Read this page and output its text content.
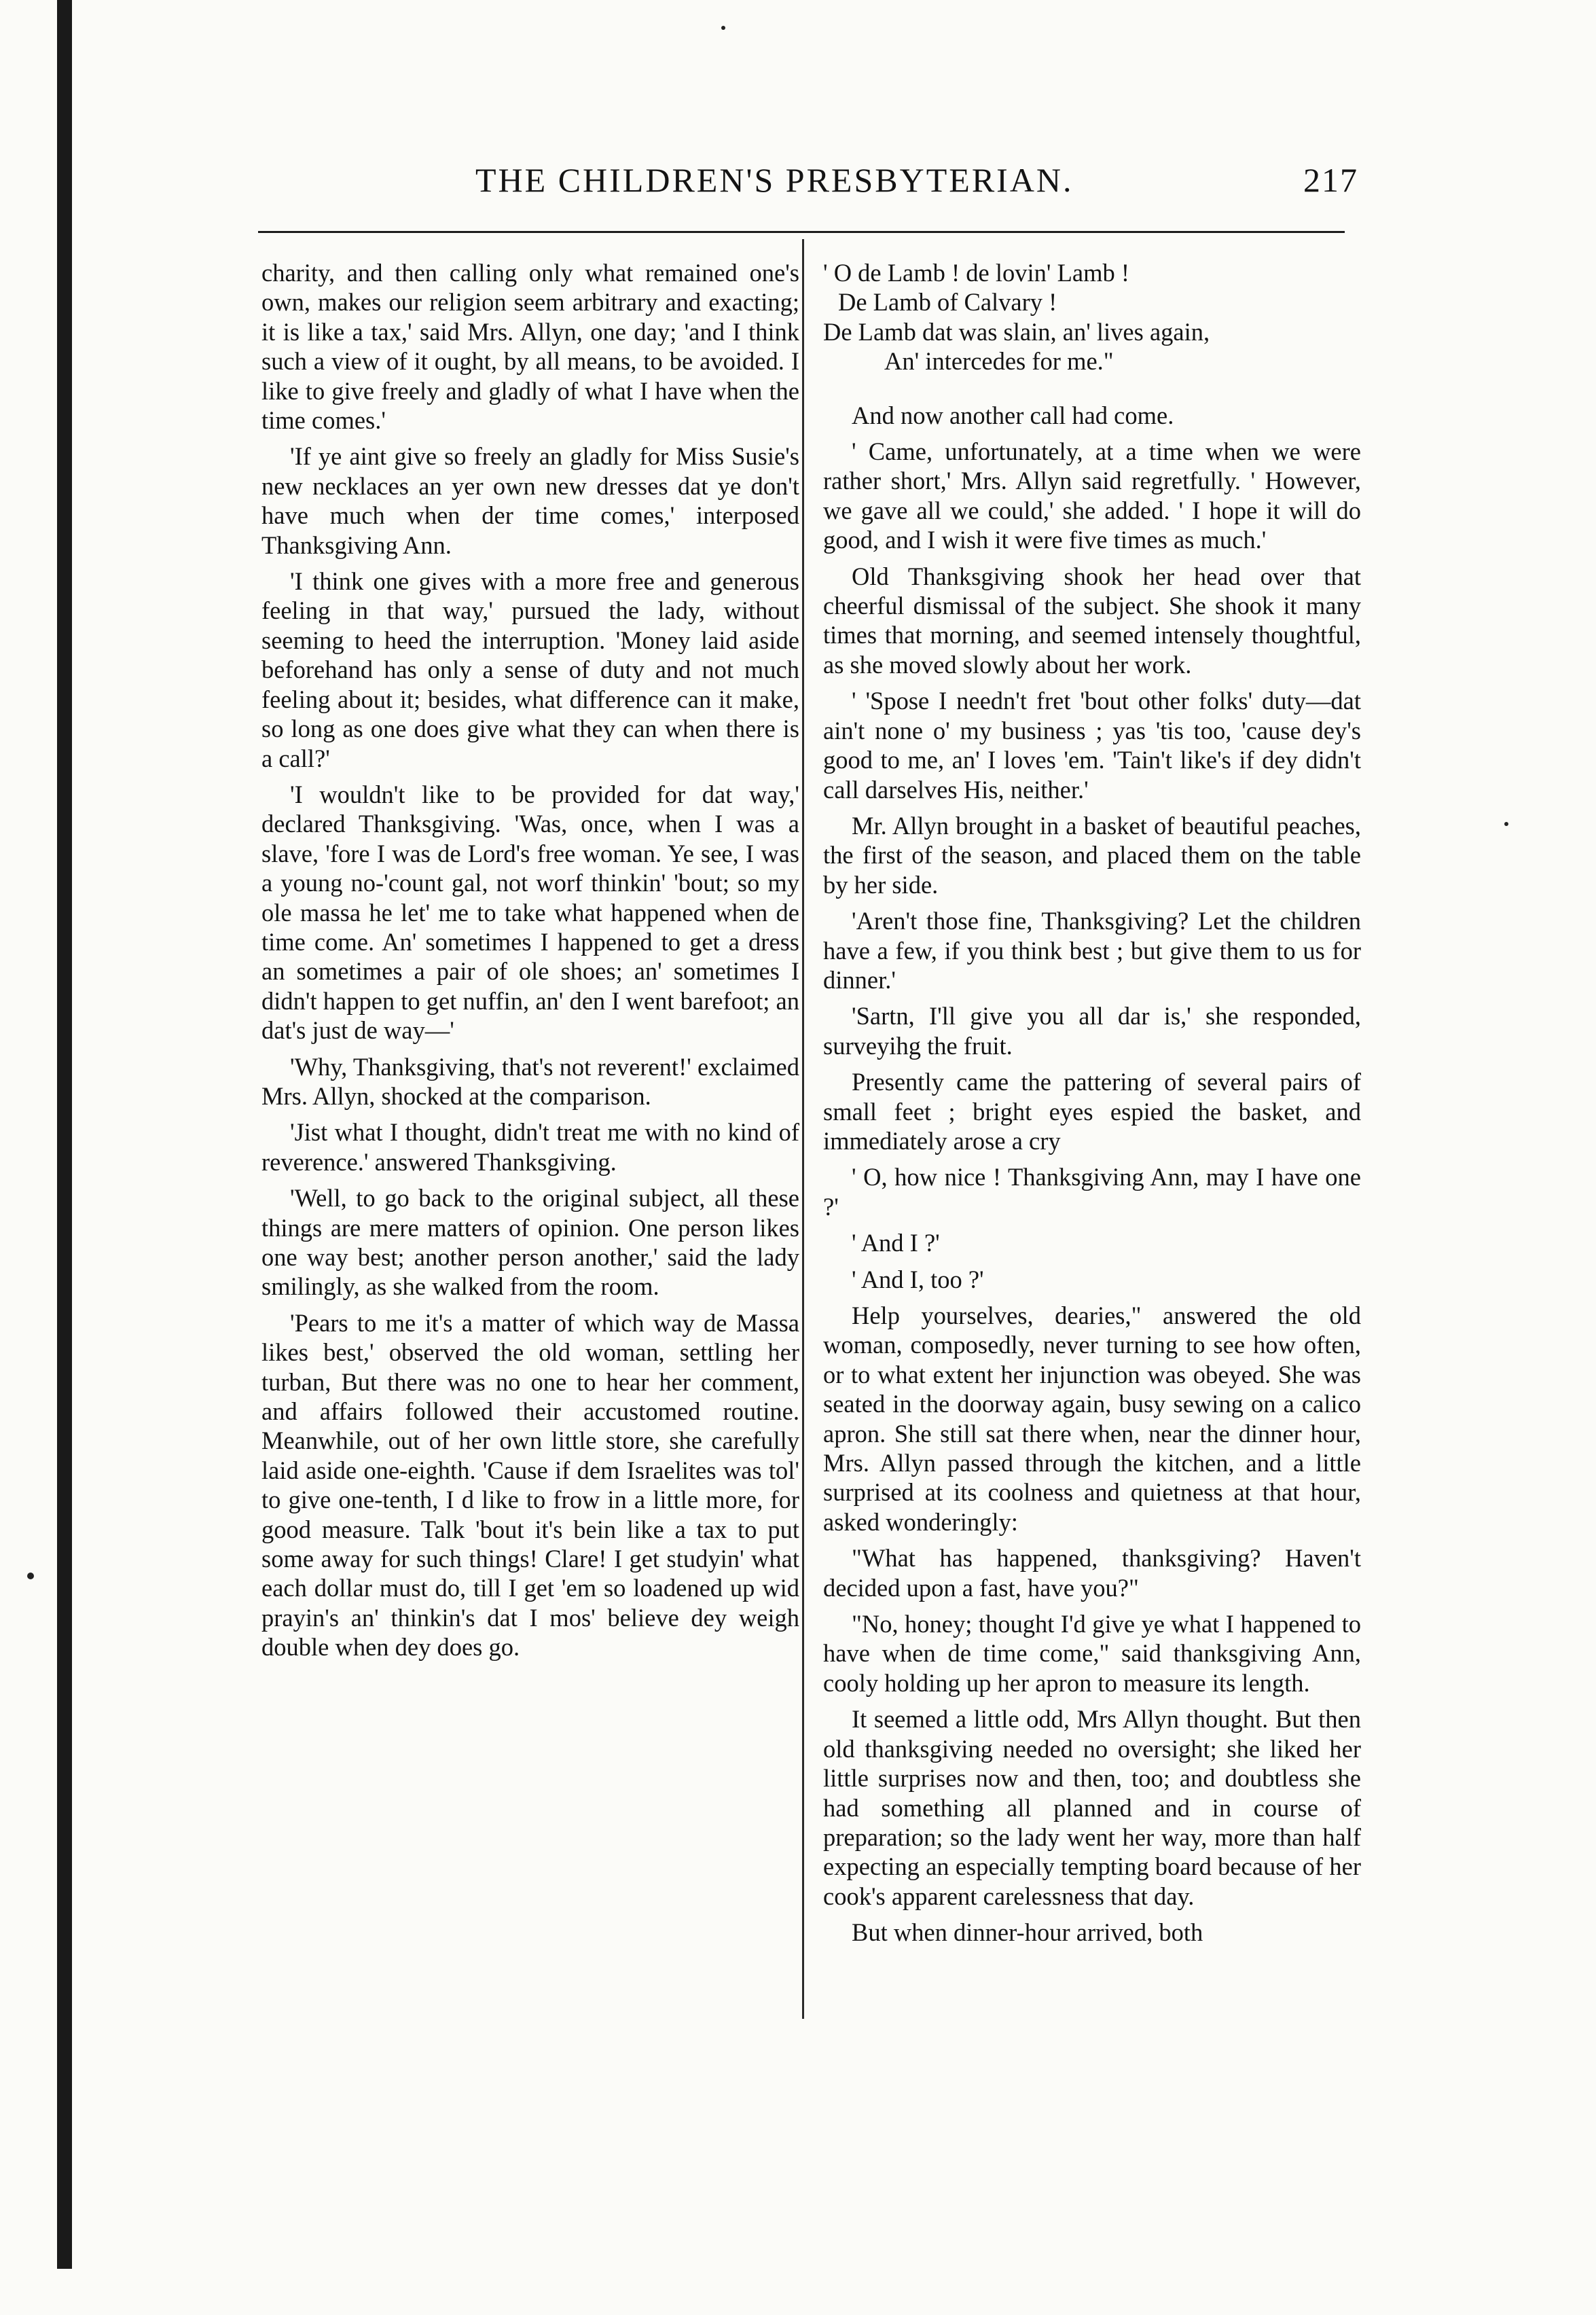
THE CHILDREN'S PRESBYTERIAN.	217

charity, and then calling only what remained one's own, makes our religion seem arbitrary and exacting; it is like a tax,' said Mrs. Allyn, one day; 'and I think such a view of it ought, by all means, to be avoided. I like to give freely and gladly of what I have when the time comes.'

'If ye aint give so freely an gladly for Miss Susie's new necklaces an yer own new dresses dat ye don't have much when der time comes,' interposed Thanksgiving Ann.

'I think one gives with a more free and generous feeling in that way,' pursued the lady, without seeming to heed the interruption. 'Money laid aside beforehand has only a sense of duty and not much feeling about it; besides, what difference can it make, so long as one does give what they can when there is a call?'

'I wouldn't like to be provided for dat way,' declared Thanksgiving. 'Was, once, when I was a slave, 'fore I was de Lord's free woman. Ye see, I was a young no-'count gal, not worf thinkin' 'bout; so my ole massa he let' me to take what happened when de time come. An' sometimes I happened to get a dress an sometimes a pair of ole shoes; an' sometimes I didn't happen to get nuffin, an' den I went barefoot; an dat's just de way—'

'Why, Thanksgiving, that's not reverent!' exclaimed Mrs. Allyn, shocked at the comparison.

'Jist what I thought, didn't treat me with no kind of reverence.' answered Thanksgiving.

'Well, to go back to the original subject, all these things are mere matters of opinion. One person likes one way best; another person another,' said the lady smilingly, as she walked from the room.

'Pears to me it's a matter of which way de Massa likes best,' observed the old woman, settling her turban, But there was no one to hear her comment, and affairs followed their accustomed routine. Meanwhile, out of her own little store, she carefully laid aside one-eighth. 'Cause if dem Israelites was tol' to give one-tenth, I d like to frow in a little more, for good measure. Talk 'bout it's bein like a tax to put some away for such things! Clare! I get studyin' what each dollar must do, till I get 'em so loadened up wid prayin's an' thinkin's dat I mos' believe dey weigh double when dey does go.

' O de Lamb ! de lovin' Lamb !
De Lamb of Calvary !
De Lamb dat was slain, an' lives again,
An' intercedes for me."

And now another call had come.

' Came, unfortunately, at a time when we were rather short,' Mrs. Allyn said regretfully. ' However, we gave all we could,' she added. ' I hope it will do good, and I wish it were five times as much.'

Old Thanksgiving shook her head over that cheerful dismissal of the subject. She shook it many times that morning, and seemed intensely thoughtful, as she moved slowly about her work.

' 'Spose I needn't fret 'bout other folks' duty—dat ain't none o' my business ; yas 'tis too, 'cause dey's good to me, an' I loves 'em. 'Tain't like's if dey didn't call darselves His, neither.'

Mr. Allyn brought in a basket of beautiful peaches, the first of the season, and placed them on the table by her side.

'Aren't those fine, Thanksgiving? Let the children have a few, if you think best ; but give them to us for dinner.'

'Sartn, I'll give you all dar is,' she responded, surveyihg the fruit.

Presently came the pattering of several pairs of small feet ; bright eyes espied the basket, and immediately arose a cry

' O, how nice ! Thanksgiving Ann, may I have one ?'

' And I ?'

' And I, too ?'

Help yourselves, dearies," answered the old woman, composedly, never turning to see how often, or to what extent her injunction was obeyed. She was seated in the doorway again, busy sewing on a calico apron. She still sat there when, near the dinner hour, Mrs. Allyn passed through the kitchen, and a little surprised at its coolness and quietness at that hour, asked wonderingly:

"What has happened, thanksgiving? Haven't decided upon a fast, have you?"

"No, honey; thought I'd give ye what I happened to have when de time come," said thanksgiving Ann, cooly holding up her apron to measure its length.

It seemed a little odd, Mrs Allyn thought. But then old thanksgiving needed no oversight; she liked her little surprises now and then, too; and doubtless she had something all planned and in course of preparation; so the lady went her way, more than half expecting an especially tempting board because of her cook's apparent carelessness that day.

But when dinner-hour arrived, both
